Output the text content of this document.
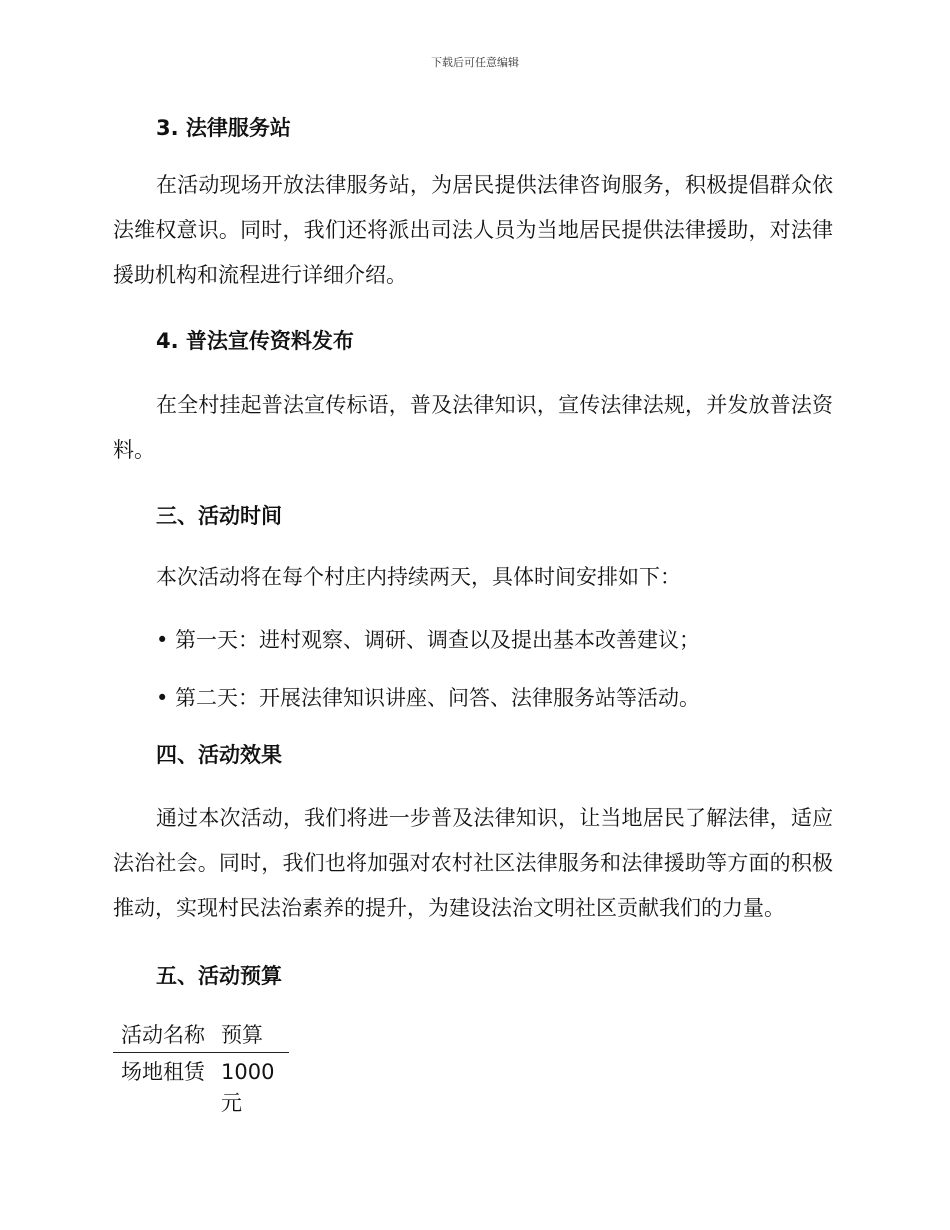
下载后可任意编辑

3. 法律服务站

在活动现场开放法律服务站，为居民提供法律咨询服务，积极提倡群众依法维权意识。同时，我们还将派出司法人员为当地居民提供法律援助，对法律援助机构和流程进行详细介绍。

4. 普法宣传资料发布

在全村挂起普法宣传标语，普及法律知识，宣传法律法规，并发放普法资料。

三、活动时间

本次活动将在每个村庄内持续两天，具体时间安排如下：

• 第一天：进村观察、调研、调查以及提出基本改善建议；

• 第二天：开展法律知识讲座、问答、法律服务站等活动。

四、活动效果

通过本次活动，我们将进一步普及法律知识，让当地居民了解法律，适应法治社会。同时，我们也将加强对农村社区法律服务和法律援助等方面的积极推动，实现村民法治素养的提升，为建设法治文明社区贡献我们的力量。

五、活动预算

活动名称	预算
场地租赁	1000元
